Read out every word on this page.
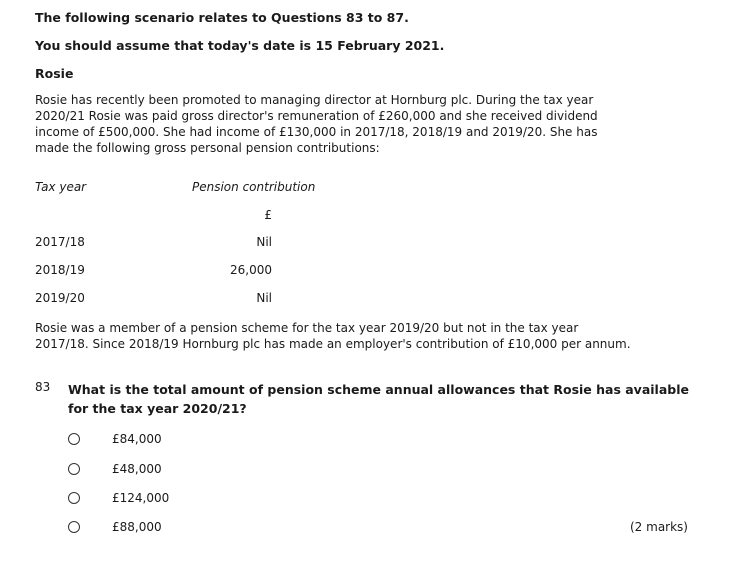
The following scenario relates to Questions 83 to 87.
You should assume that today's date is 15 February 2021.
Rosie
Rosie has recently been promoted to managing director at Hornburg plc. During the tax year
2020/21 Rosie was paid gross director's remuneration of £260,000 and she received dividend
income of £500,000. She had income of £130,000 in 2017/18, 2018/19 and 2019/20. She has
made the following gross personal pension contributions:
Tax year	Pension contribution
£
2017/18	Nil
2018/19	26,000
2019/20	Nil
Rosie was a member of a pension scheme for the tax year 2019/20 but not in the tax year
2017/18. Since 2018/19 Hornburg plc has made an employer's contribution of £10,000 per annum.
83 What is the total amount of pension scheme annual allowances that Rosie has available
for the tax year 2020/21?
£84,000
£48,000
£124,000
£88,000	(2 marks)
